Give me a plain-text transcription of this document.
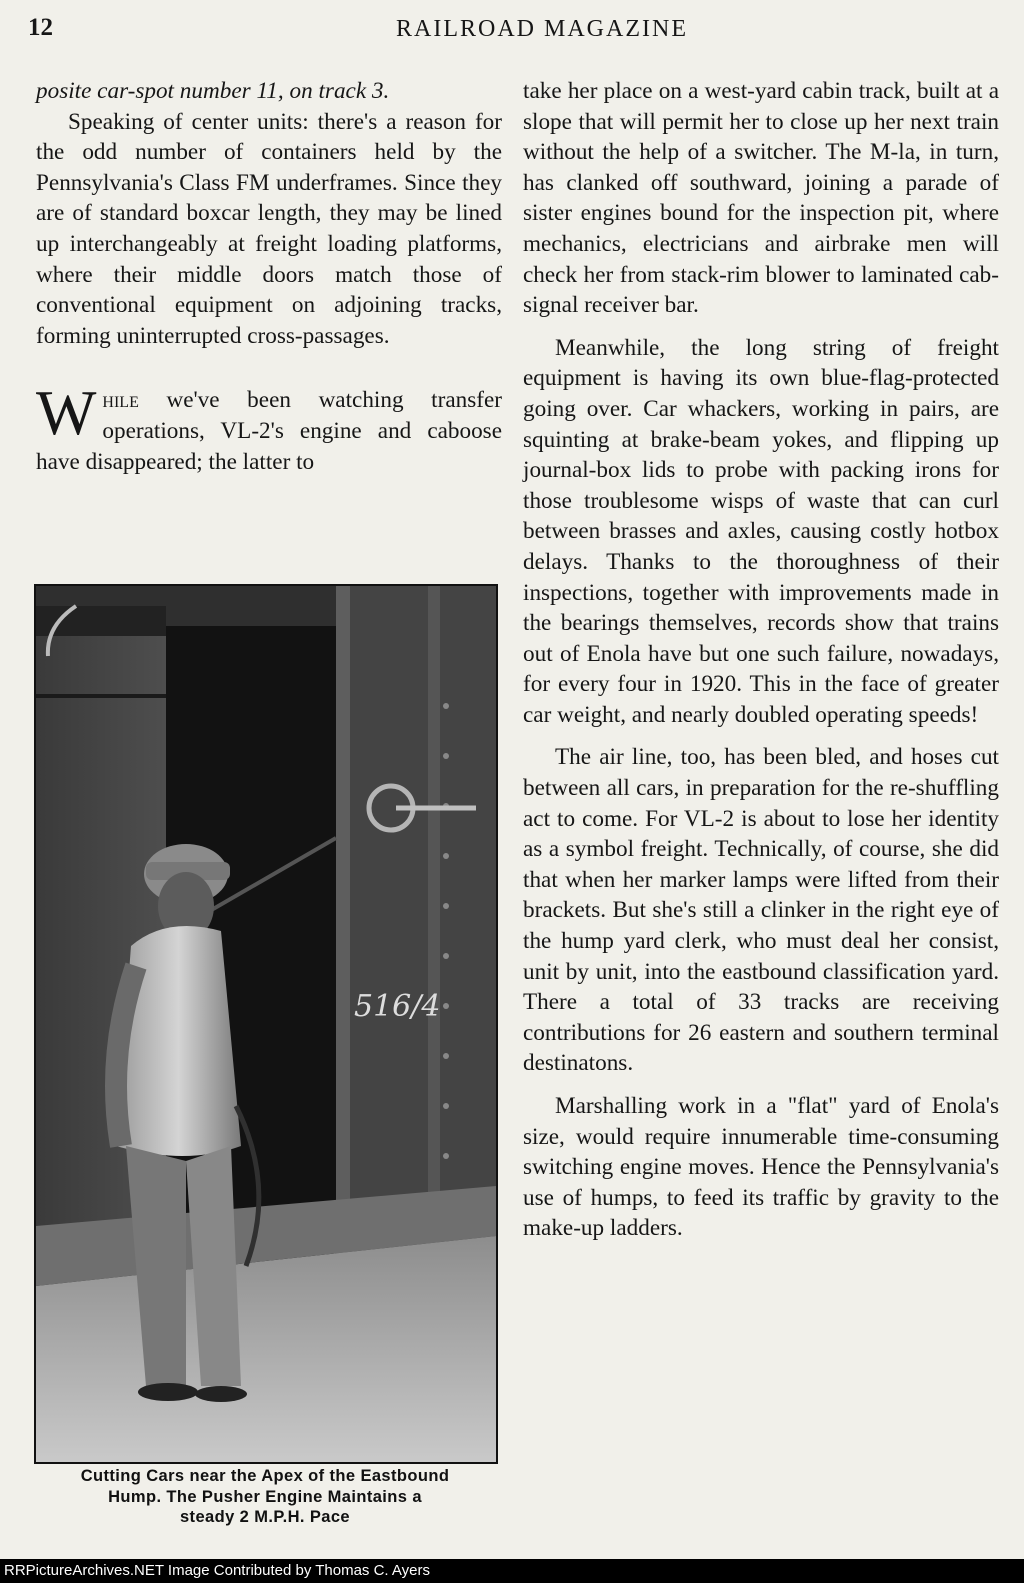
12	RAILROAD MAGAZINE

posite car-spot number 11, on track 3.

Speaking of center units: there's a reason for the odd number of containers held by the Pennsylvania's Class FM underframes. Since they are of standard boxcar length, they may be lined up interchangeably at freight loading platforms, where their middle doors match those of conventional equipment on adjoining tracks, forming uninterrupted cross-passages.

While we've been watching transfer operations, VL-2's engine and caboose have disappeared; the latter to

516/4
Cutting Cars near the Apex of the Eastbound
Hump. The Pusher Engine Maintains a
steady 2 M.P.H. Pace

take her place on a west-yard cabin track, built at a slope that will permit her to close up her next train without the help of a switcher. The M-la, in turn, has clanked off southward, joining a parade of sister engines bound for the inspection pit, where mechanics, electricians and airbrake men will check her from stack-rim blower to laminated cab-signal receiver bar.

Meanwhile, the long string of freight equipment is having its own blue-flag-protected going over. Car whackers, working in pairs, are squinting at brake-beam yokes, and flipping up journal-box lids to probe with packing irons for those troublesome wisps of waste that can curl between brasses and axles, causing costly hotbox delays. Thanks to the thoroughness of their inspections, together with improvements made in the bearings themselves, records show that trains out of Enola have but one such failure, nowadays, for every four in 1920. This in the face of greater car weight, and nearly doubled operating speeds!

The air line, too, has been bled, and hoses cut between all cars, in preparation for the re-shuffling act to come. For VL-2 is about to lose her identity as a symbol freight. Technically, of course, she did that when her marker lamps were lifted from their brackets. But she's still a clinker in the right eye of the hump yard clerk, who must deal her consist, unit by unit, into the eastbound classification yard. There a total of 33 tracks are receiving contributions for 26 eastern and southern terminal destinatons.

Marshalling work in a "flat" yard of Enola's size, would require innumerable time-consuming switching engine moves. Hence the Pennsylvania's use of humps, to feed its traffic by gravity to the make-up ladders.

RRPictureArchives.NET Image Contributed by Thomas C. Ayers
